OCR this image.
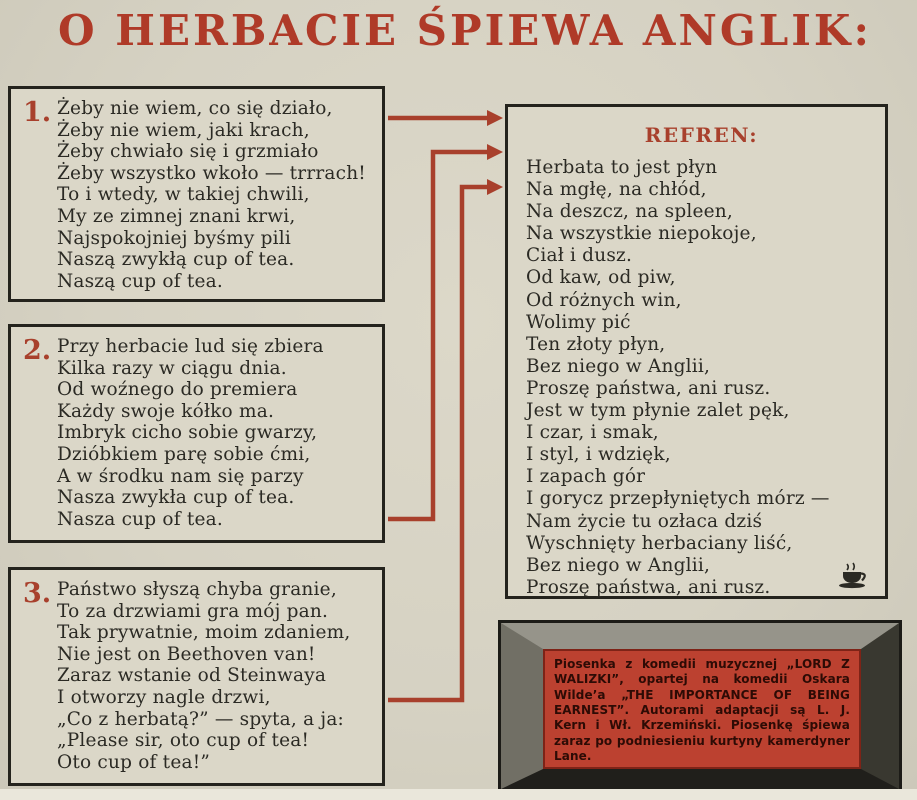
O HERBACIE ŚPIEWA ANGLIK:
1. Żeby nie wiem, co się działo,
Żeby nie wiem, jaki krach,
Żeby chwiało się i grzmiało
Żeby wszystko wkoło — trrrach!
To i wtedy, w takiej chwili,
My ze zimnej znani krwi,
Najspokojniej byśmy pili
Naszą zwykłą cup of tea.
Naszą cup of tea.
2. Przy herbacie lud się zbiera
Kilka razy w ciągu dnia.
Od woźnego do premiera
Każdy swoje kółko ma.
Imbryk cicho sobie gwarzy,
Dzióbkiem parę sobie ćmi,
A w środku nam się parzy
Nasza zwykła cup of tea.
Nasza cup of tea.
3. Państwo słyszą chyba granie,
To za drzwiami gra mój pan.
Tak prywatnie, moim zdaniem,
Nie jest on Beethoven van!
Zaraz wstanie od Steinwaya
I otworzy nagle drzwi,
„Co z herbatą?” — spyta, a ja:
„Please sir, oto cup of tea!
Oto cup of tea!”
REFREN:
Herbata to jest płyn
Na mgłę, na chłód,
Na deszcz, na spleen,
Na wszystkie niepokoje,
Ciał i dusz.
Od kaw, od piw,
Od różnych win,
Wolimy pić
Ten złoty płyn,
Bez niego w Anglii,
Proszę państwa, ani rusz.
Jest w tym płynie zalet pęk,
I czar, i smak,
I styl, i wdzięk,
I zapach gór
I gorycz przepłyniętych mórz —
Nam życie tu ozłaca dziś
Wyschnięty herbaciany liść,
Bez niego w Anglii,
Proszę państwa, ani rusz.
Piosenka z komedii muzycznej „LORD Z WALIZKI”, opartej na komedii Oskara Wilde’a „THE IMPORTANCE OF BEING EARNEST”. Autorami adaptacji są L. J. Kern i Wł. Krzemiński. Piosenkę śpiewa zaraz po podniesieniu kurtyny kamerdyner Lane.
